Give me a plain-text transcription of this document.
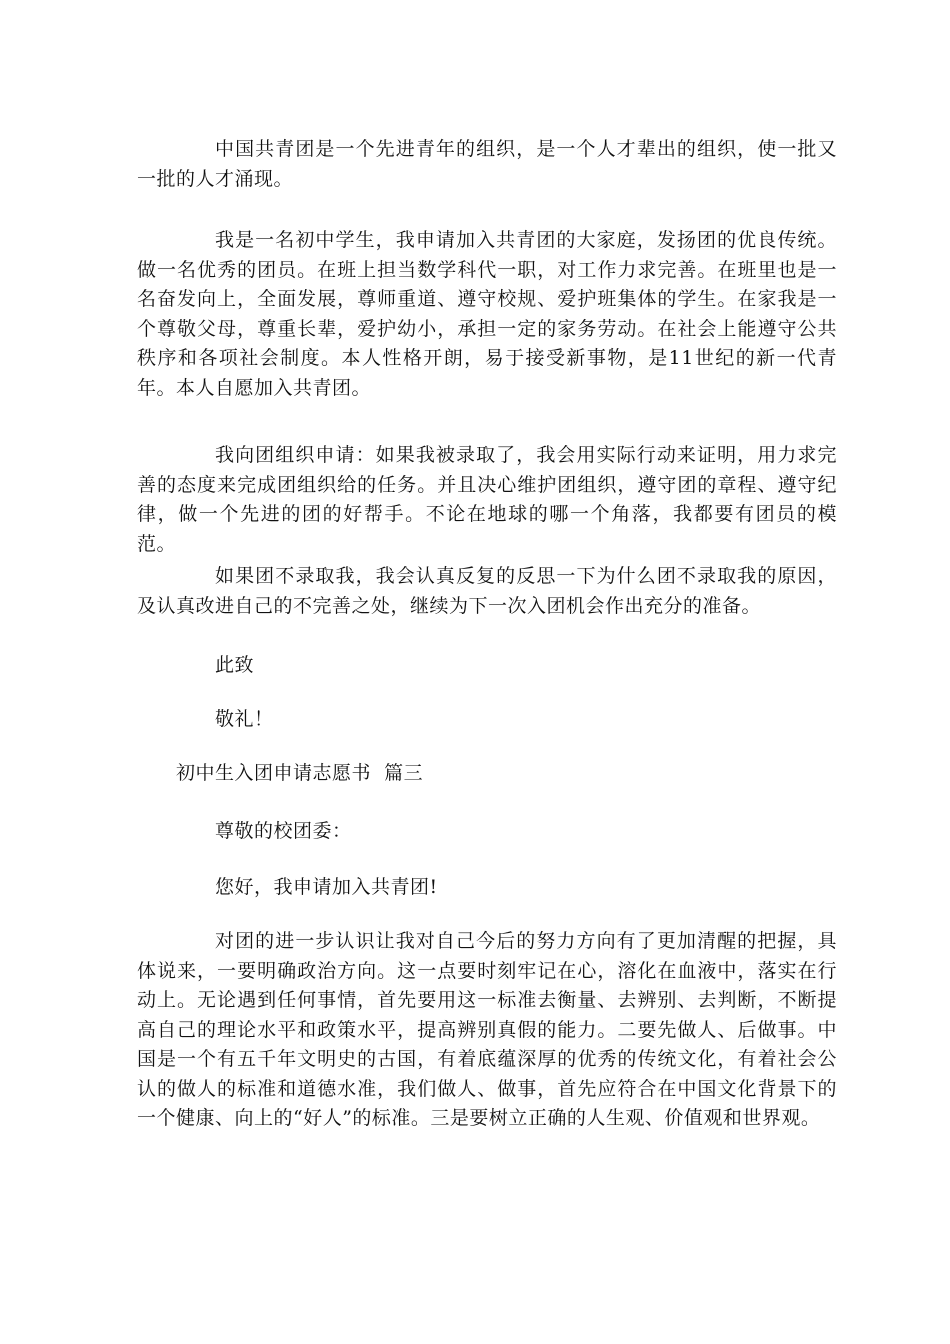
中国共青团是一个先进青年的组织，是一个人才辈出的组织，使一批又一批的人才涌现。

我是一名初中学生，我申请加入共青团的大家庭，发扬团的优良传统。做一名优秀的团员。在班上担当数学科代一职，对工作力求完善。在班里也是一名奋发向上，全面发展，尊师重道、遵守校规、爱护班集体的学生。在家我是一个尊敬父母，尊重长辈，爱护幼小，承担一定的家务劳动。在社会上能遵守公共秩序和各项社会制度。本人性格开朗，易于接受新事物，是11世纪的新一代青年。本人自愿加入共青团。

我向团组织申请：如果我被录取了，我会用实际行动来证明，用力求完善的态度来完成团组织给的任务。并且决心维护团组织，遵守团的章程、遵守纪律，做一个先进的团的好帮手。不论在地球的哪一个角落，我都要有团员的模范。

如果团不录取我，我会认真反复的反思一下为什么团不录取我的原因，及认真改进自己的不完善之处，继续为下一次入团机会作出充分的准备。

此致

敬礼！

初中生入团申请志愿书  篇三

尊敬的校团委：

您好，我申请加入共青团!

对团的进一步认识让我对自己今后的努力方向有了更加清醒的把握，具体说来，一要明确政治方向。这一点要时刻牢记在心，溶化在血液中，落实在行动上。无论遇到任何事情，首先要用这一标准去衡量、去辨别、去判断，不断提高自己的理论水平和政策水平，提高辨别真假的能力。二要先做人、后做事。中国是一个有五千年文明史的古国，有着底蕴深厚的优秀的传统文化，有着社会公认的做人的标准和道德水准，我们做人、做事，首先应符合在中国文化背景下的一个健康、向上的“好人”的标准。三是要树立正确的人生观、价值观和世界观。
